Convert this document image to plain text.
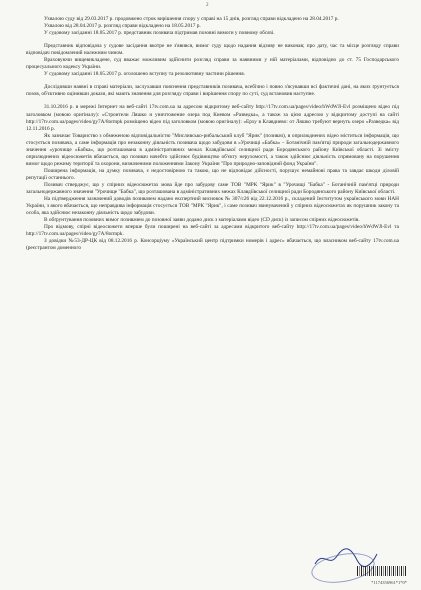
2

Ухвалою суду від 29.03.2017 р. продовжено строк вирішення спору у справі на 15 днів, розгляд справи відкладено на 28.04.2017 р.

Ухвалою від 28.04.2017 р. розгляд справи відкладено на 18.05.2017 р.

У судовому засіданні 18.05.2017 р. представник позивача підтримав позовні вимоги у повному обсязі.

Представник відповідача у судове засідання вкотре не з'явився, вимог суду щодо надання відзиву не виконав; про дату, час та місце розгляду справи відповідач повідомлений належним чином.

Враховуючи вищевикладене, суд вважає можливим здійснити розгляд справи за наявними у ній матеріалами, відповідно до ст. 75 Господарського процесуального кодексу України.

У судовому засіданні 18.05.2017 р. оголошено вступну та резолютивну частини рішення.

Дослідивши наявні в справі матеріали, заслухавши пояснення представників позивача, всебічно і повно з'ясувавши всі фактичні дані, на яких ґрунтується позов, об'єктивно оцінивши докази, які мають значення для розгляду справи і вирішення спору по суті, суд встановив наступне.

31.10.2016 р. в мережі Інтернет на веб-сайті 17tv.com.ua за адресою відкритому веб-сайту http://17tv.com.ua/pages/video/hWdWJl-Evl розміщено відео під заголовком (мовою оригіналу): «Строители Ляшко и уничтожение озера под Киевом «Разведка», а також за цією адресою у відкритому доступі на сайті http://17tv.com.ua/pages/video/gy7A/8ormpk розміщено відео під заголовком (мовою оригіналу): «Ерху в Клавдиево: от Ляшко требуют вернуть озеро «Разведка» від 12.11.2016 р.

Як зазначає Товариство з обмеженою відповідальністю "Мисливсько-рибальський клуб "Ярик" (позивач), в оприлюднених відео міститься інформація, що стосується позивача, а саме інформація про незаконну діяльність позивача щодо забудови в «Урочищі «Бабка» – Ботанічній пам'ятці природи загальнодержавного значення «урочище «Бабка», що розташована в адміністративних межах Клавдіївської селищної ради Бородянського району Київської області. Зі змісту оприлюднених відеосюжетів вбачається, що позивач начебто здійснює будівництво об'єкту нерухомості, а також здійснює діяльність спрямовану на порушення вимог щодо режиму території та охорони, визначеними положеннями Закону України "Про природно-заповідний фонд України".

Поширена інформація, на думку позивача, є недостовірною та такою, що не відповідає дійсності, порушує немайнові права та завдає шкоди діловій репутації останнього.

Позивач стверджує, що у спірних відеосюжетах мова йде про забудову саме ТОВ "МРК "Ярик" в "Урочищі "Бабка" - Ботанічній пам'ятці природи загальнодержавного значення "Урочище "Бабка", що розташована в адміністративних межах Клавдіївської селищної ради Бородянського району Київської області.

На підтвердження зазначений доводів позивачем надано експертний висновок № 307/с26 від 22.12.2016 р., складений Інститутом українського мови НАН України, з якого вбачається, що неправдива інформація стосується ТОВ "МРК "Ярик", і саме позивач звинувачений у спірних відеосюжетах як порушник закону та особа, яка здійснює незаконну діяльність щодо забудови.

В обґрунтування позовних вимог позивачем до позовної заяви додано диск з матеріалами відео (CD диск) із записом спірних відеосюжетів.

Про відмову, спірні відеосюжети вперше були поширені на веб-сайті за адресами відкритого веб-сайту http://17tv.com.ua/pages/video/hWdWJl-Evl та http://17tv.com.ua/pages/video/gy7A/8ormpk.

З довідки №53-ДР-ЦК від 08.12.2016 р. Консорціуму «Український центр підтримки номерів і адрес» вбачається, що власником веб-сайту 17tv.com.ua (реєстрантом доменного

*1174356961*1*0*
